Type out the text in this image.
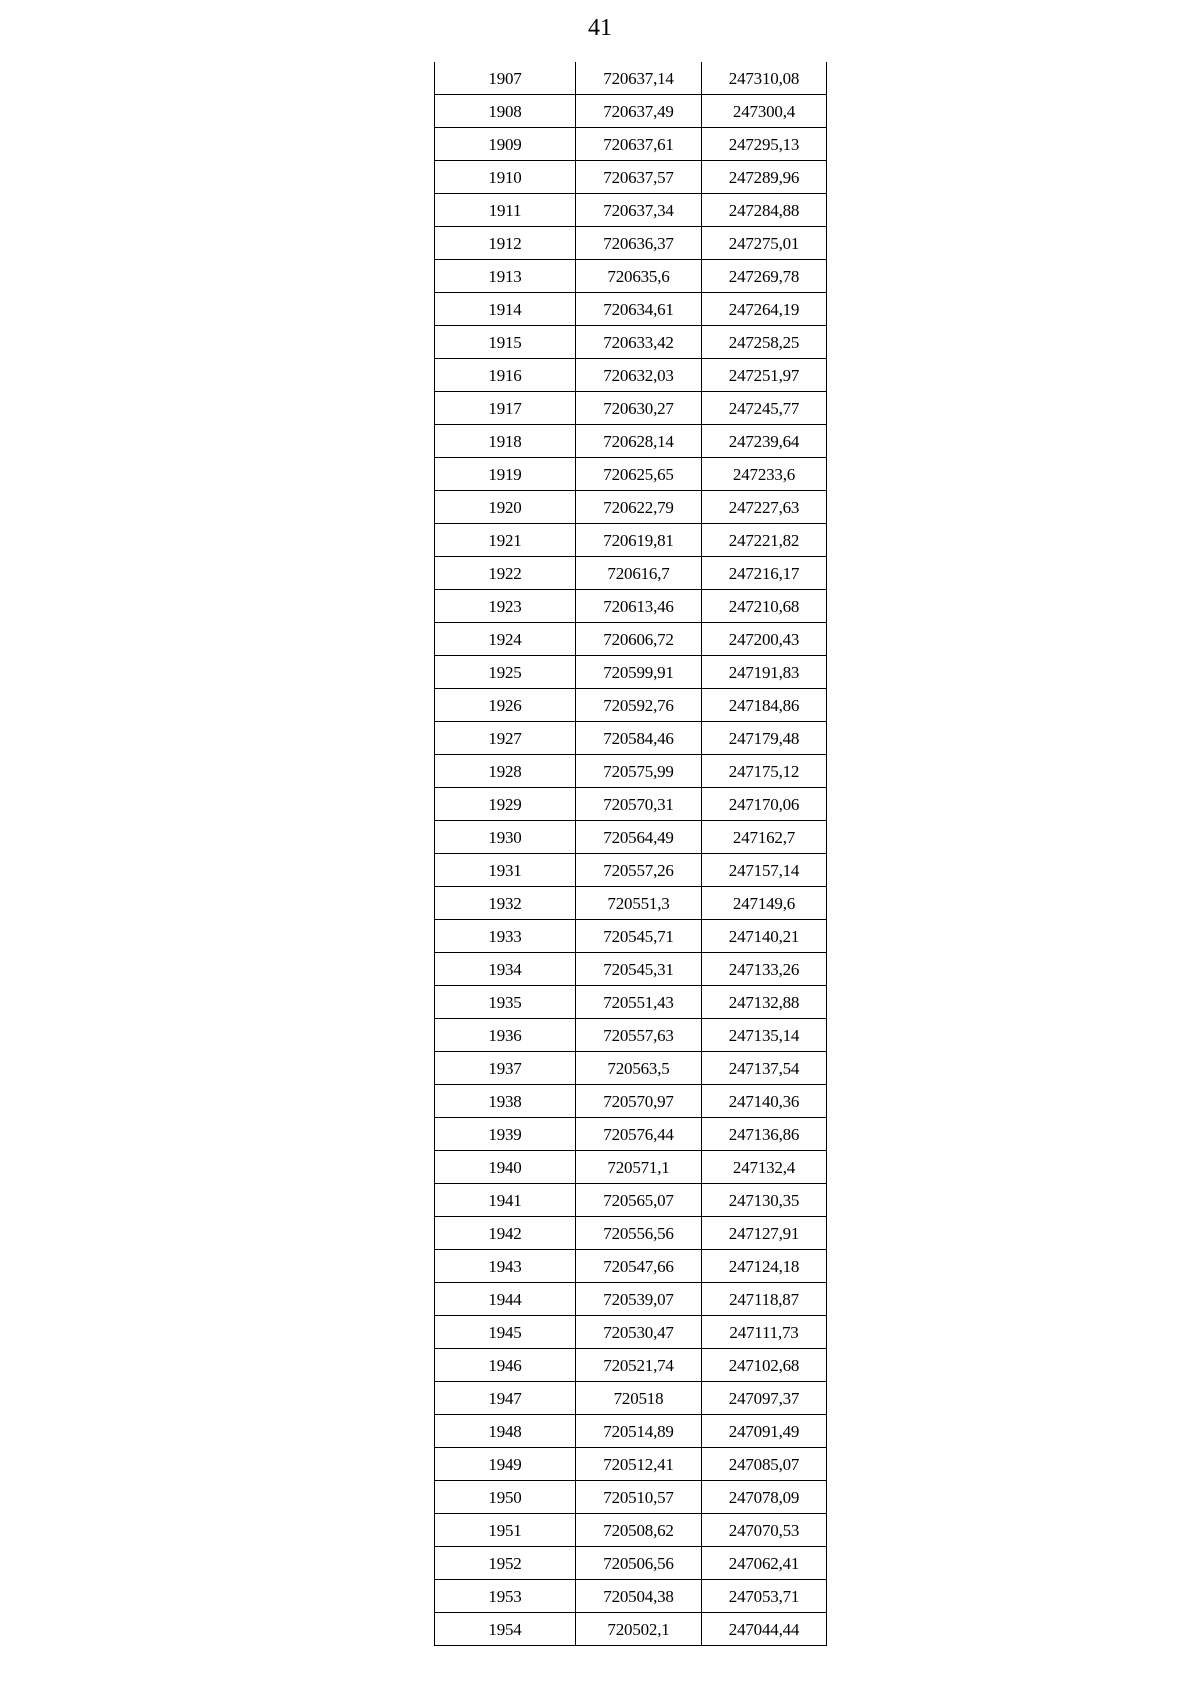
41
1907	720637,14	247310,08
1908	720637,49	247300,4
1909	720637,61	247295,13
1910	720637,57	247289,96
1911	720637,34	247284,88
1912	720636,37	247275,01
1913	720635,6	247269,78
1914	720634,61	247264,19
1915	720633,42	247258,25
1916	720632,03	247251,97
1917	720630,27	247245,77
1918	720628,14	247239,64
1919	720625,65	247233,6
1920	720622,79	247227,63
1921	720619,81	247221,82
1922	720616,7	247216,17
1923	720613,46	247210,68
1924	720606,72	247200,43
1925	720599,91	247191,83
1926	720592,76	247184,86
1927	720584,46	247179,48
1928	720575,99	247175,12
1929	720570,31	247170,06
1930	720564,49	247162,7
1931	720557,26	247157,14
1932	720551,3	247149,6
1933	720545,71	247140,21
1934	720545,31	247133,26
1935	720551,43	247132,88
1936	720557,63	247135,14
1937	720563,5	247137,54
1938	720570,97	247140,36
1939	720576,44	247136,86
1940	720571,1	247132,4
1941	720565,07	247130,35
1942	720556,56	247127,91
1943	720547,66	247124,18
1944	720539,07	247118,87
1945	720530,47	247111,73
1946	720521,74	247102,68
1947	720518	247097,37
1948	720514,89	247091,49
1949	720512,41	247085,07
1950	720510,57	247078,09
1951	720508,62	247070,53
1952	720506,56	247062,41
1953	720504,38	247053,71
1954	720502,1	247044,44
